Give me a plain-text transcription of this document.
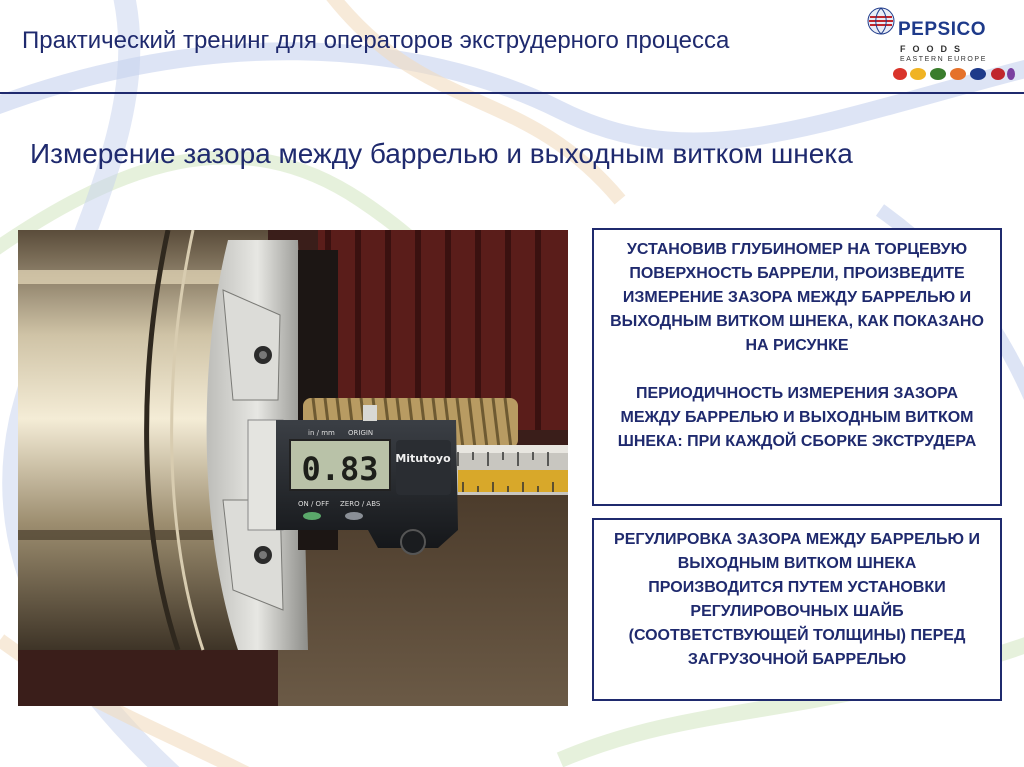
Практический тренинг для операторов экструдерного процесса	PEPSICO
FOODS
EASTERN EUROPE
Измерение зазора между баррелью и выходным витком шнека
0.83
in / mm ORIGIN
Mitutoyo
ON / OFF ZERO / ABS

УСТАНОВИВ ГЛУБИНОМЕР НА ТОРЦЕВУЮ ПОВЕРХНОСТЬ БАРРЕЛИ, ПРОИЗВЕДИТЕ ИЗМЕРЕНИЕ ЗАЗОРА МЕЖДУ БАРРЕЛЬЮ И ВЫХОДНЫМ ВИТКОМ ШНЕКА, КАК ПОКАЗАНО НА РИСУНКЕ

ПЕРИОДИЧНОСТЬ ИЗМЕРЕНИЯ ЗАЗОРА МЕЖДУ БАРРЕЛЬЮ И ВЫХОДНЫМ ВИТКОМ ШНЕКА: ПРИ КАЖДОЙ СБОРКЕ ЭКСТРУДЕРА

РЕГУЛИРОВКА ЗАЗОРА МЕЖДУ БАРРЕЛЬЮ И ВЫХОДНЫМ ВИТКОМ ШНЕКА ПРОИЗВОДИТСЯ ПУТЕМ УСТАНОВКИ РЕГУЛИРОВОЧНЫХ ШАЙБ (СООТВЕТСТВУЮЩЕЙ ТОЛЩИНЫ) ПЕРЕД ЗАГРУЗОЧНОЙ БАРРЕЛЬЮ
